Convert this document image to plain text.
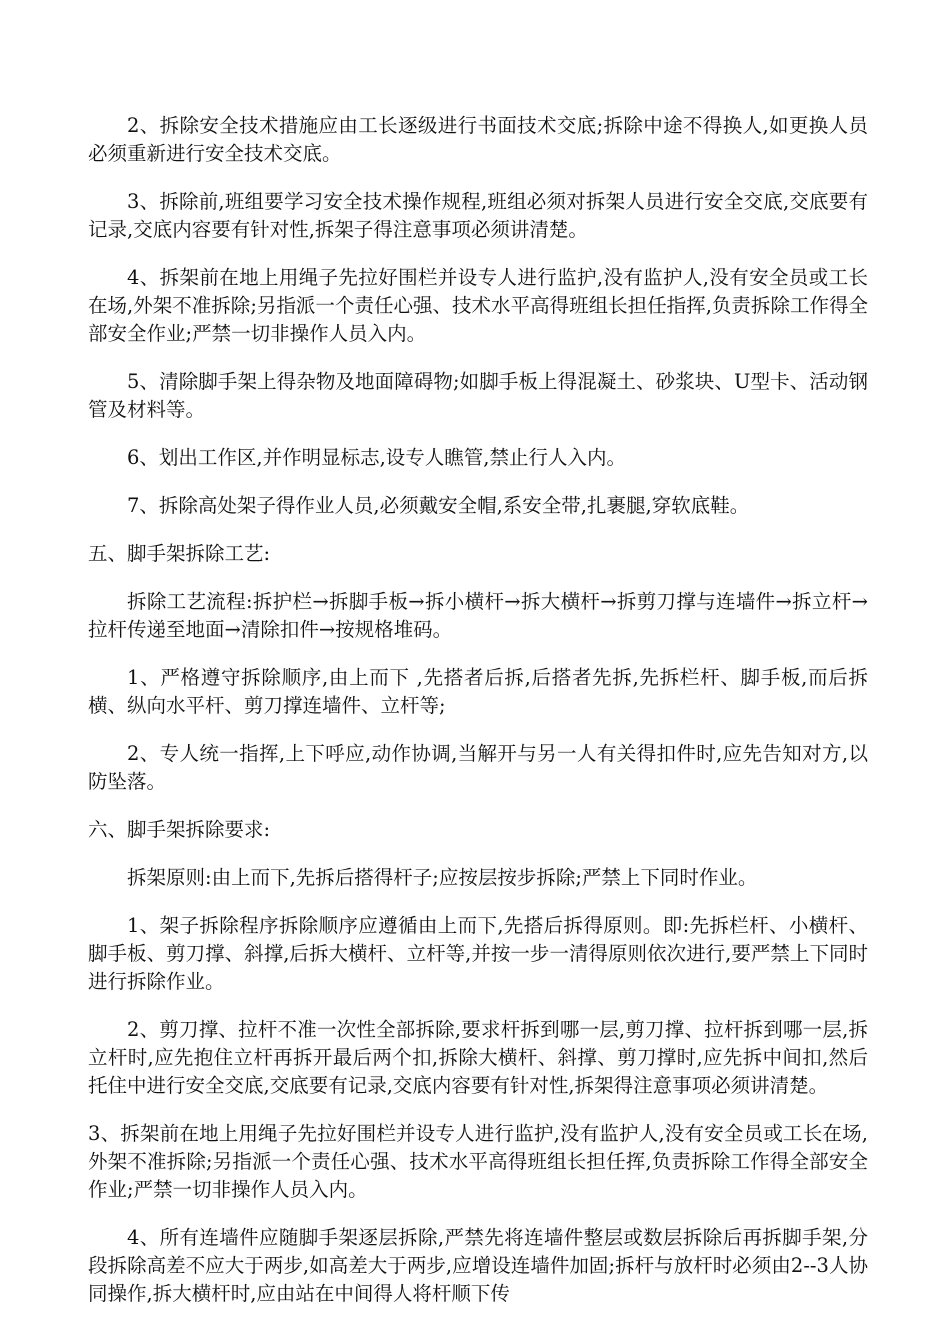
2、拆除安全技术措施应由工长逐级进行书面技术交底;拆除中途不得换人,如更换人员必须重新进行安全技术交底。

3、拆除前,班组要学习安全技术操作规程,班组必须对拆架人员进行安全交底,交底要有记录,交底内容要有针对性,拆架子得注意事项必须讲清楚。

4、拆架前在地上用绳子先拉好围栏并设专人进行监护,没有监护人,没有安全员或工长在场,外架不准拆除;另指派一个责任心强、技术水平高得班组长担任指挥,负责拆除工作得全部安全作业;严禁一切非操作人员入内。

5、清除脚手架上得杂物及地面障碍物;如脚手板上得混凝土、砂浆块、U型卡、活动钢管及材料等。

6、划出工作区,并作明显标志,设专人瞧管,禁止行人入内。

7、拆除高处架子得作业人员,必须戴安全帽,系安全带,扎裹腿,穿软底鞋。

五、脚手架拆除工艺:

拆除工艺流程:拆护栏→拆脚手板→拆小横杆→拆大横杆→拆剪刀撑与连墙件→拆立杆→拉杆传递至地面→清除扣件→按规格堆码。

1、严格遵守拆除顺序,由上而下 ,先搭者后拆,后搭者先拆,先拆栏杆、脚手板,而后拆横、纵向水平杆、剪刀撑连墙件、立杆等;

2、专人统一指挥,上下呼应,动作协调,当解开与另一人有关得扣件时,应先告知对方,以防坠落。

六、脚手架拆除要求:

拆架原则:由上而下,先拆后搭得杆子;应按层按步拆除;严禁上下同时作业。

1、架子拆除程序拆除顺序应遵循由上而下,先搭后拆得原则。即:先拆栏杆、小横杆、脚手板、剪刀撑、斜撑,后拆大横杆、立杆等,并按一步一清得原则依次进行,要严禁上下同时进行拆除作业。

2、剪刀撑、拉杆不准一次性全部拆除,要求杆拆到哪一层,剪刀撑、拉杆拆到哪一层,拆立杆时,应先抱住立杆再拆开最后两个扣,拆除大横杆、斜撑、剪刀撑时,应先拆中间扣,然后托住中进行安全交底,交底要有记录,交底内容要有针对性,拆架得注意事项必须讲清楚。

3、拆架前在地上用绳子先拉好围栏并设专人进行监护,没有监护人,没有安全员或工长在场,外架不准拆除;另指派一个责任心强、技术水平高得班组长担任挥,负责拆除工作得全部安全作业;严禁一切非操作人员入内。

4、所有连墙件应随脚手架逐层拆除,严禁先将连墙件整层或数层拆除后再拆脚手架,分段拆除高差不应大于两步,如高差大于两步,应增设连墙件加固;拆杆与放杆时必须由2--3人协同操作,拆大横杆时,应由站在中间得人将杆顺下传
